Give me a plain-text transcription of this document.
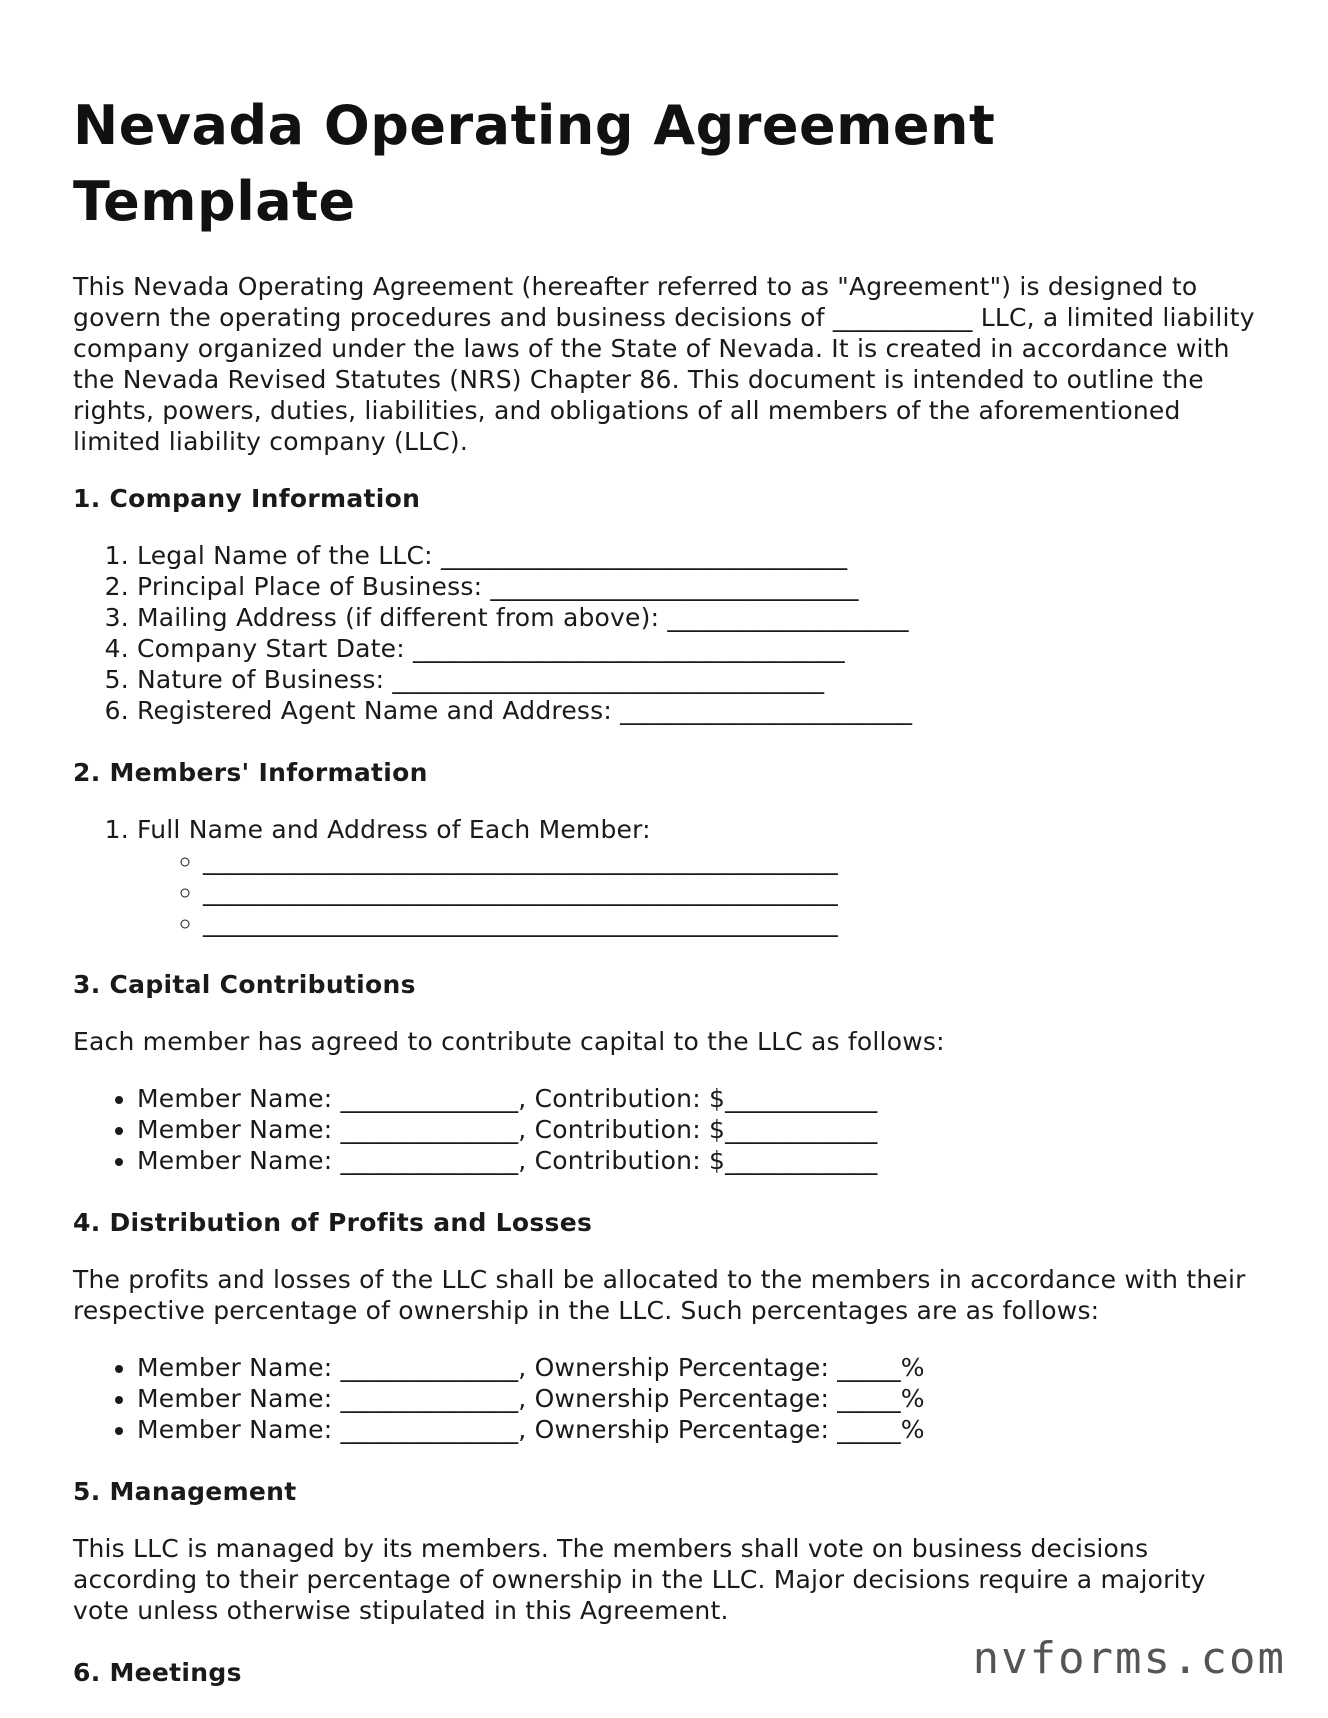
Nevada Operating Agreement Template

This Nevada Operating Agreement (hereafter referred to as "Agreement") is designed to govern the operating procedures and business decisions of ___________ LLC, a limited liability company organized under the laws of the State of Nevada. It is created in accordance with the Nevada Revised Statutes (NRS) Chapter 86. This document is intended to outline the rights, powers, duties, liabilities, and obligations of all members of the aforementioned limited liability company (LLC).

1. Company Information
1. Legal Name of the LLC: ________________________________
2. Principal Place of Business: _____________________________
3. Mailing Address (if different from above): ___________________
4. Company Start Date: __________________________________
5. Nature of Business: __________________________________
6. Registered Agent Name and Address: _______________________
2. Members' Information
1. Full Name and Address of Each Member:
◦ __________________________________________________
◦ __________________________________________________
◦ __________________________________________________
3. Capital Contributions

Each member has agreed to contribute capital to the LLC as follows:

• Member Name: ______________, Contribution: $____________
• Member Name: ______________, Contribution: $____________
• Member Name: ______________, Contribution: $____________
4. Distribution of Profits and Losses

The profits and losses of the LLC shall be allocated to the members in accordance with their respective percentage of ownership in the LLC. Such percentages are as follows:

• Member Name: ______________, Ownership Percentage: _____%
• Member Name: ______________, Ownership Percentage: _____%
• Member Name: ______________, Ownership Percentage: _____%
5. Management

This LLC is managed by its members. The members shall vote on business decisions according to their percentage of ownership in the LLC. Major decisions require a majority vote unless otherwise stipulated in this Agreement.

6. Meetings	nvforms.com
